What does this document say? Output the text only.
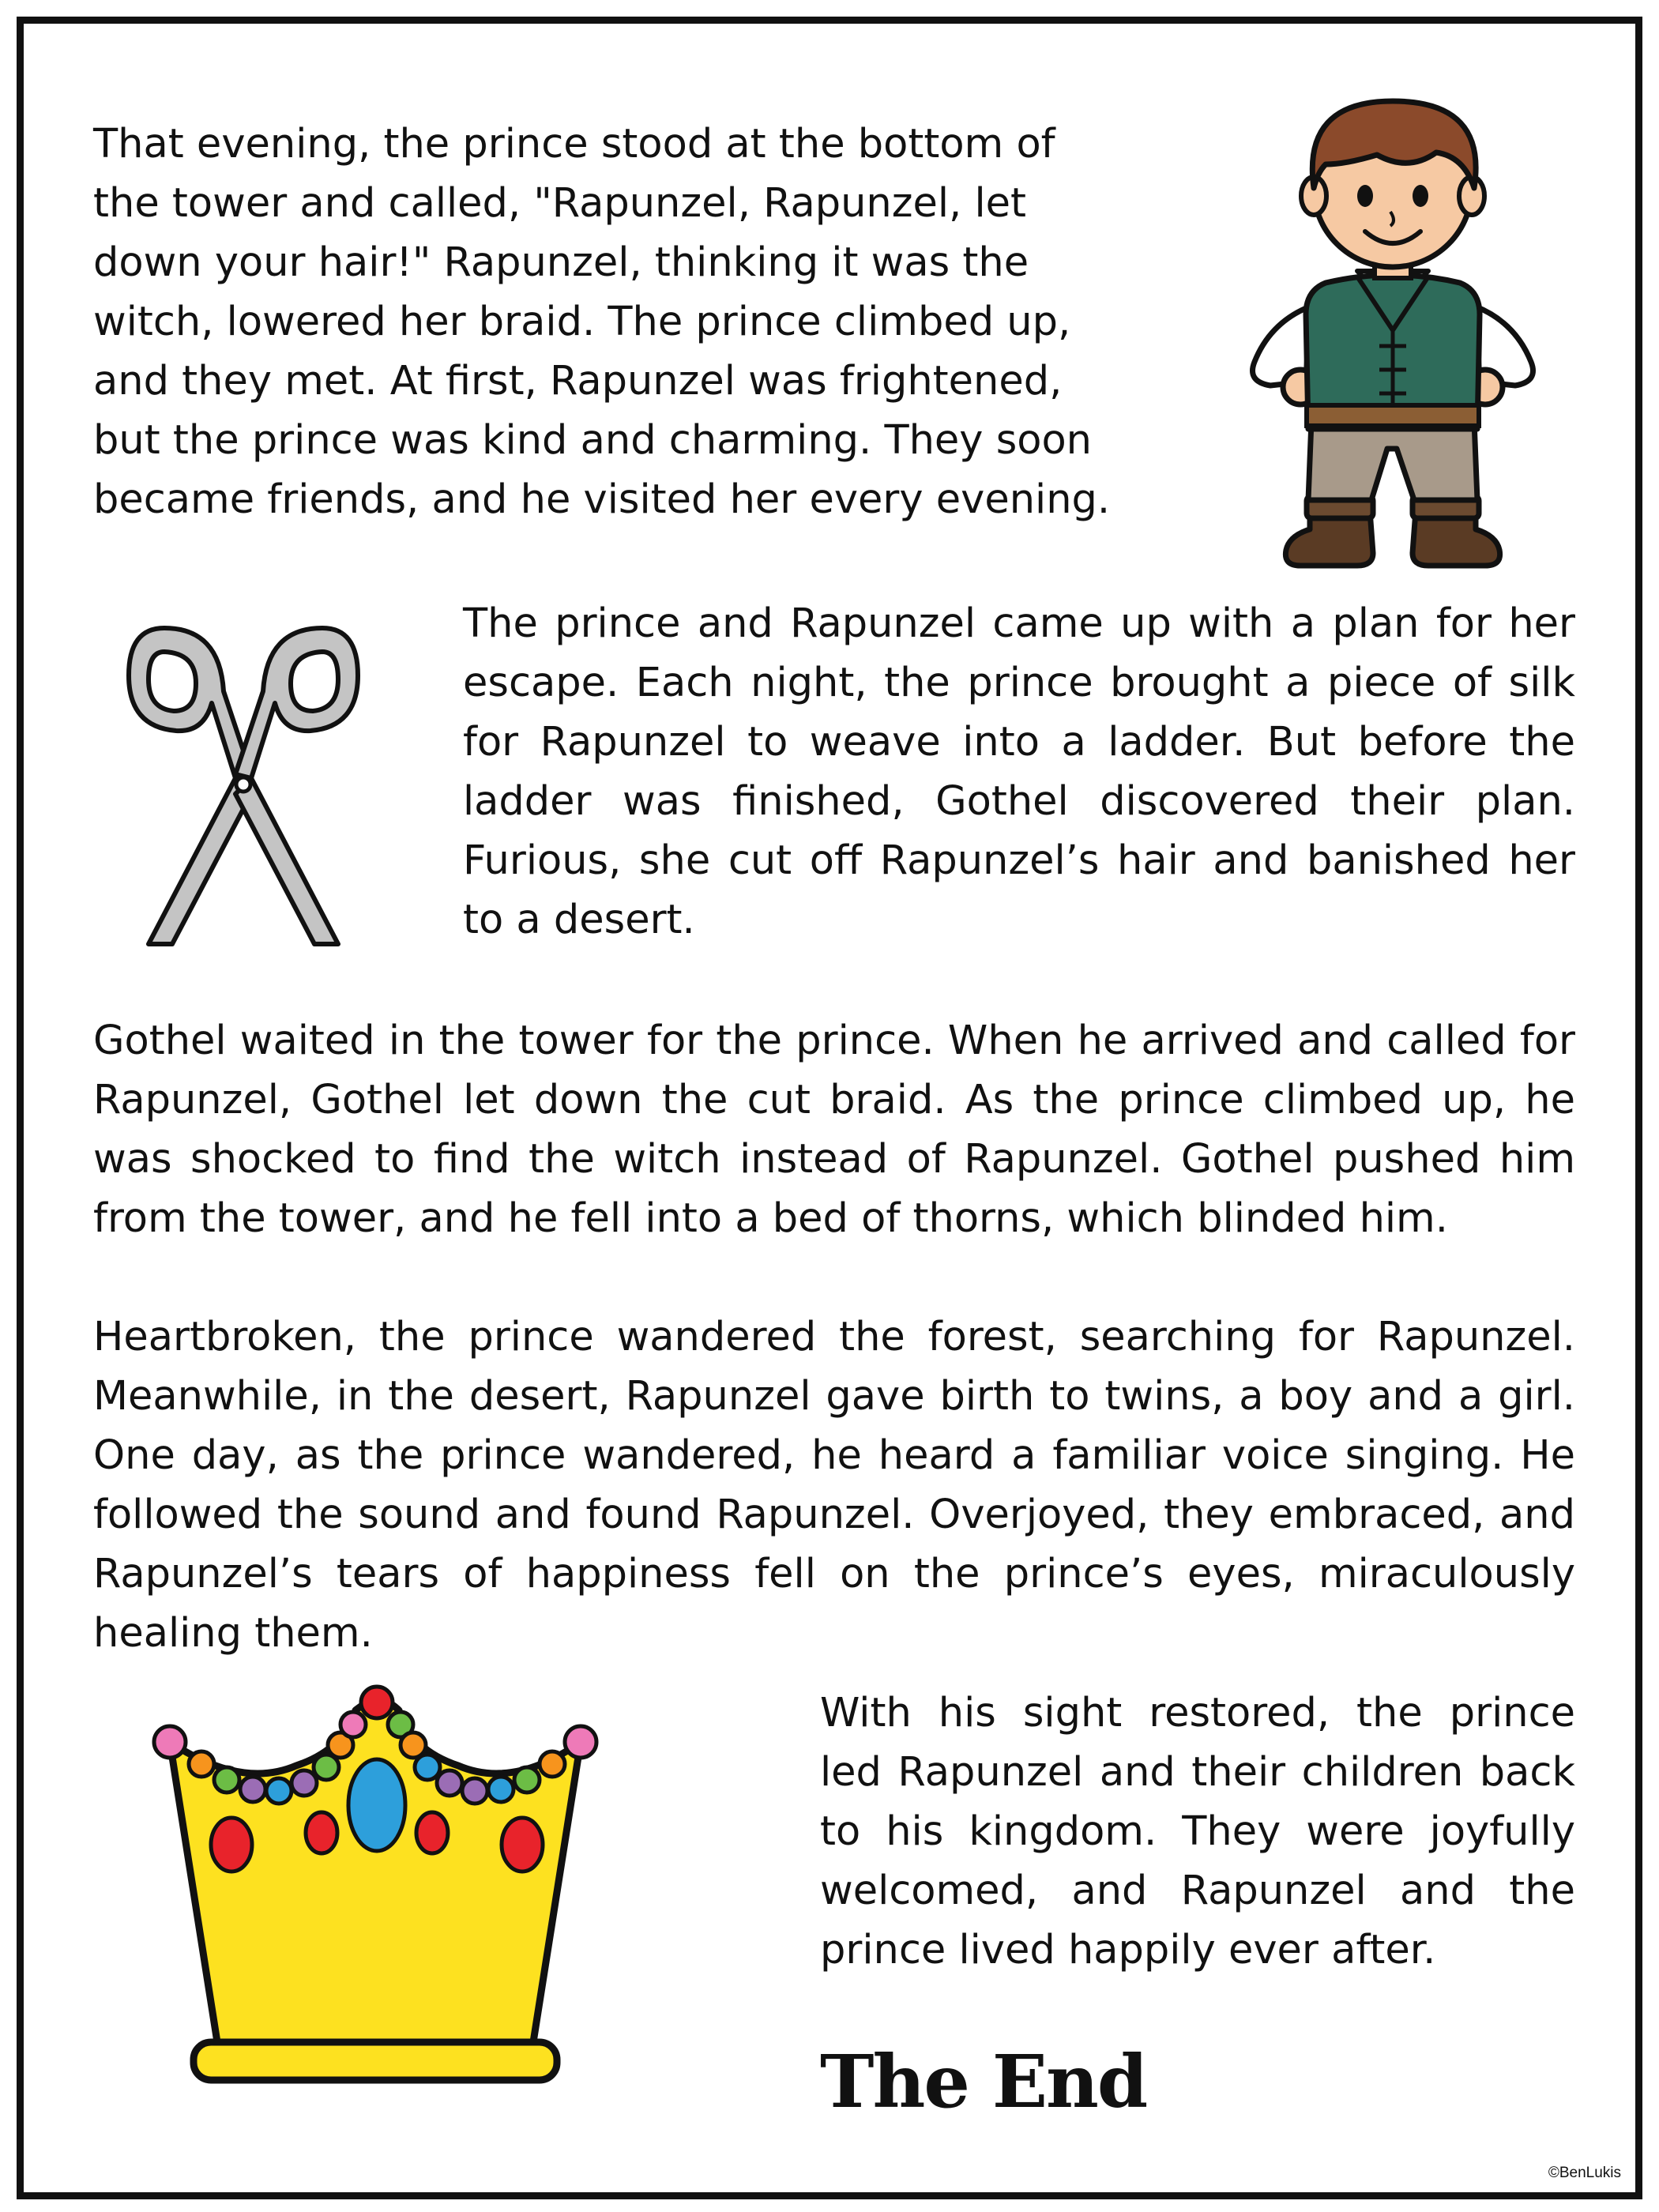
That evening, the prince stood at the bottom of the tower and called, "Rapunzel, Rapunzel, let down your hair!" Rapunzel, thinking it was the witch, lowered her braid. The prince climbed up, and they met. At first, Rapunzel was frightened, but the prince was kind and charming. They soon became friends, and he visited her every evening.

The prince and Rapunzel came up with a plan for her escape. Each night, the prince brought a piece of silk for Rapunzel to weave into a ladder. But before the ladder was finished, Gothel discovered their plan. Furious, she cut off Rapunzel’s hair and banished her to a desert.

Gothel waited in the tower for the prince. When he arrived and called for Rapunzel, Gothel let down the cut braid. As the prince climbed up, he was shocked to find the witch instead of Rapunzel. Gothel pushed him from the tower, and he fell into a bed of thorns, which blinded him.

Heartbroken, the prince wandered the forest, searching for Rapunzel. Meanwhile, in the desert, Rapunzel gave birth to twins, a boy and a girl. One day, as the prince wandered, he heard a familiar voice singing. He followed the sound and found Rapunzel. Overjoyed, they embraced, and Rapunzel’s tears of happiness fell on the prince’s eyes, miraculously healing them.

With his sight restored, the prince led Rapunzel and their children back to his kingdom. They were joyfully welcomed, and Rapunzel and the prince lived happily ever after.

The End
©BenLukis
